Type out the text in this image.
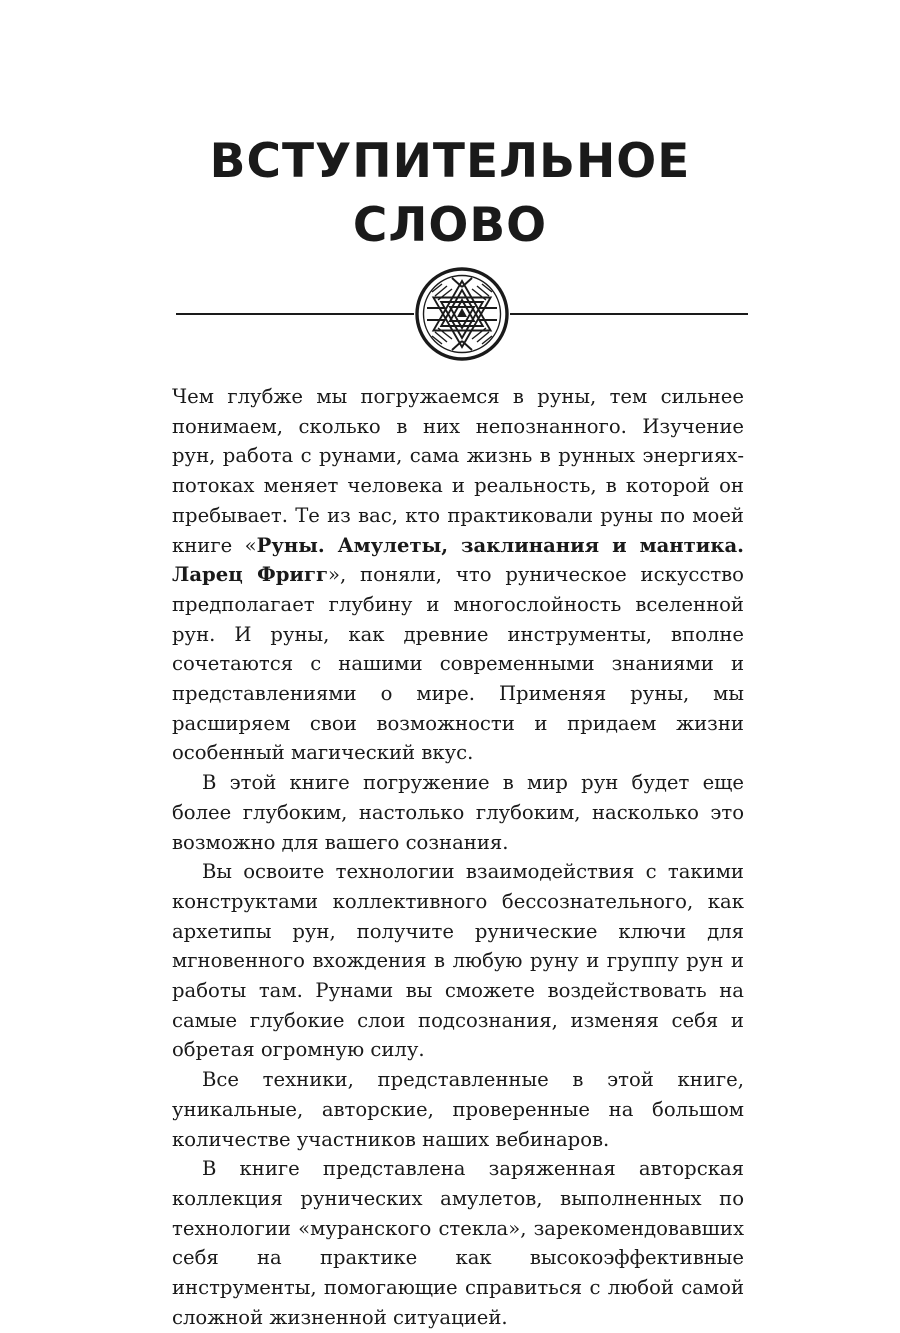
ВСТУПИТЕЛЬНОЕ
СЛОВО

Чем глубже мы погружаемся в руны, тем сильнее понимаем, сколько в них непознанного. Изучение рун, работа с рунами, сама жизнь в рунных энергиях-потоках меняет человека и реальность, в которой он пребывает. Те из вас, кто практиковали руны по моей книге «Руны. Амулеты, заклинания и мантика. Ларец Фригг», поняли, что руническое искусство предполагает глубину и многослойность вселенной рун. И руны, как древние инструменты, вполне сочетаются с нашими современными знаниями и представлениями о мире. Применяя руны, мы расширяем свои возможности и придаем жизни особенный магический вкус.

В этой книге погружение в мир рун будет еще более глубоким, настолько глубоким, насколько это возможно для вашего сознания.

Вы освоите технологии взаимодействия с такими конструктами коллективного бессознательного, как архетипы рун, получите рунические ключи для мгновенного вхождения в любую руну и группу рун и работы там. Рунами вы сможете воздействовать на самые глубокие слои подсознания, изменяя себя и обретая огромную силу.

Все техники, представленные в этой книге, уникальные, авторские, проверенные на большом количестве участников наших вебинаров.

В книге представлена заряженная авторская коллекция рунических амулетов, выполненных по технологии «муранского стекла», зарекомендовавших себя на практике как высокоэффективные инструменты, помогающие справиться с любой самой сложной жизненной ситуацией.
